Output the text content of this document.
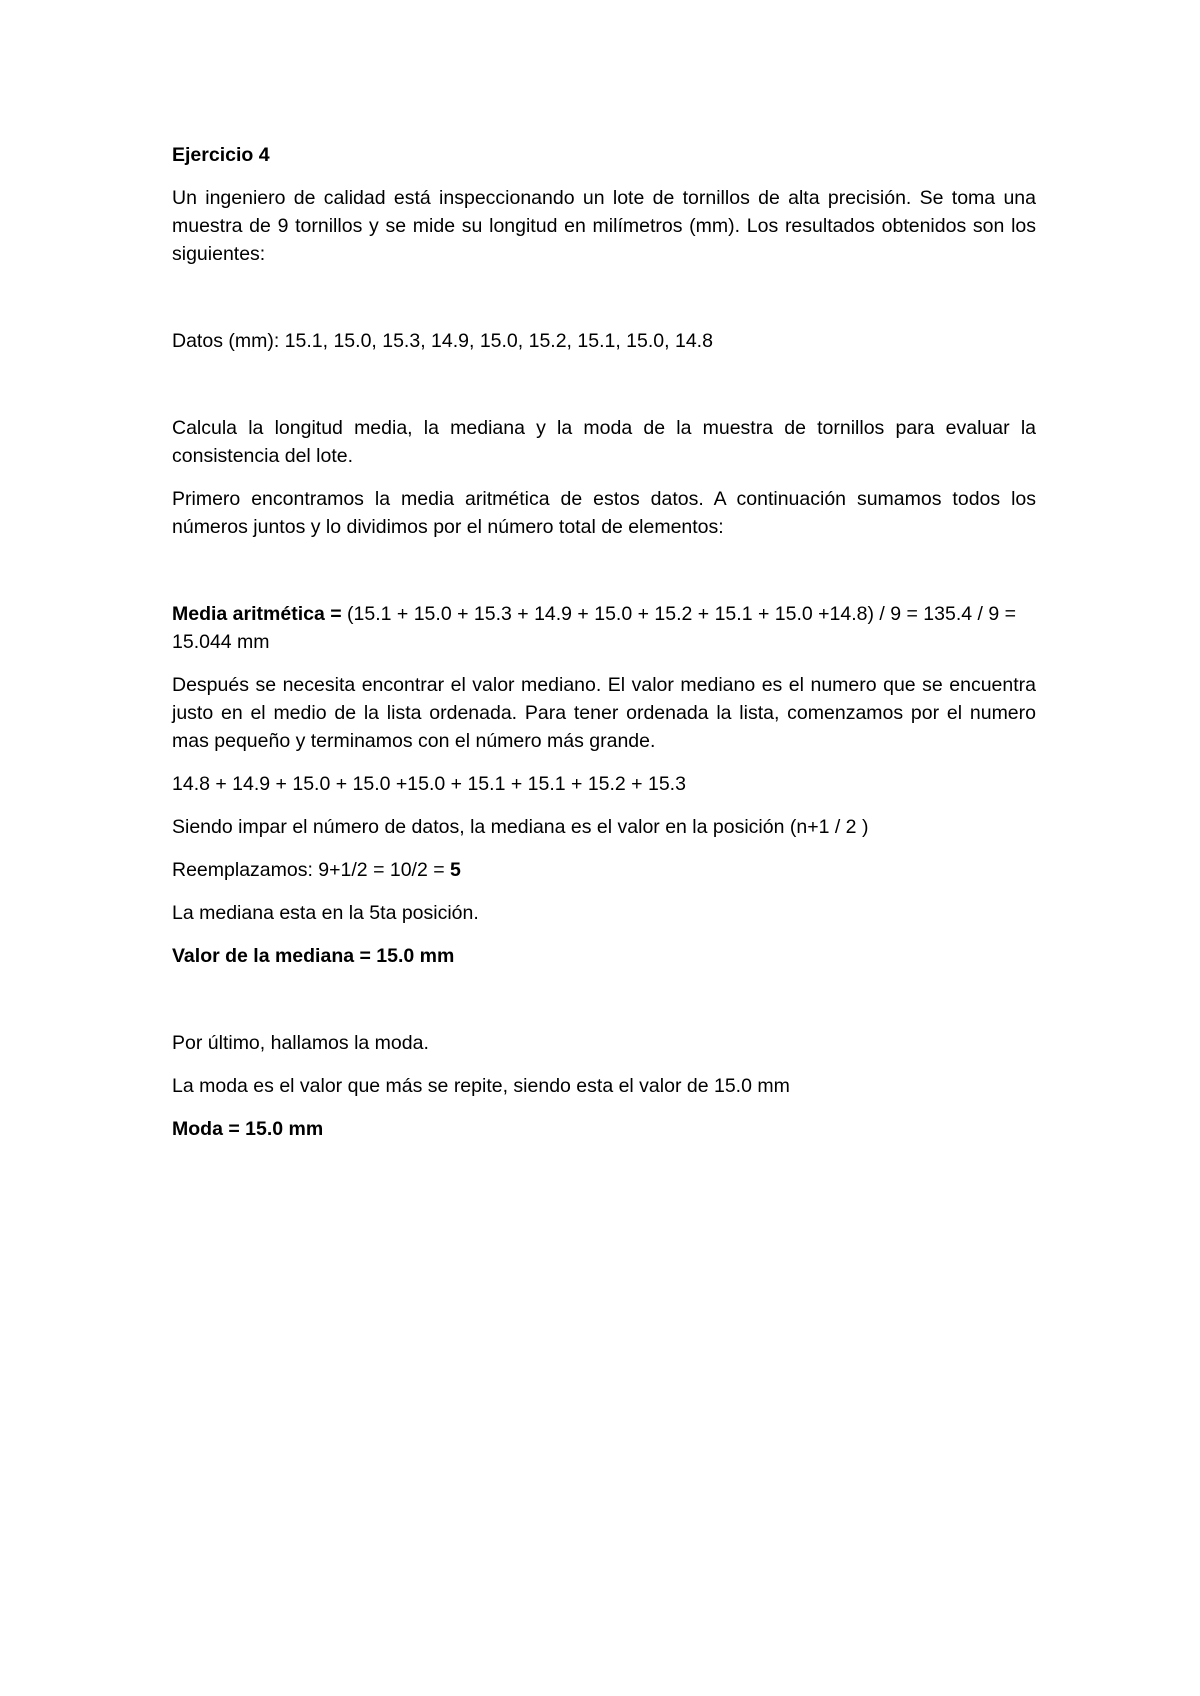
Ejercicio 4

Un ingeniero de calidad está inspeccionando un lote de tornillos de alta precisión. Se toma una muestra de 9 tornillos y se mide su longitud en milímetros (mm). Los resultados obtenidos son los siguientes:

Datos (mm): 15.1, 15.0, 15.3, 14.9, 15.0, 15.2, 15.1, 15.0, 14.8

Calcula la longitud media, la mediana y la moda de la muestra de tornillos para evaluar la consistencia del lote.

Primero encontramos la media aritmética de estos datos. A continuación sumamos todos los números juntos y lo dividimos por el número total de elementos:

Media aritmética = (15.1 + 15.0 + 15.3 + 14.9 + 15.0 + 15.2 + 15.1 + 15.0 +14.8) / 9 = 135.4 / 9 = 15.044 mm

Después se necesita encontrar el valor mediano. El valor mediano es el numero que se encuentra justo en el medio de la lista ordenada. Para tener ordenada la lista, comenzamos por el numero mas pequeño y terminamos con el número más grande.

14.8 + 14.9 + 15.0 + 15.0 +15.0 + 15.1 + 15.1 + 15.2 + 15.3

Siendo impar el número de datos, la mediana es el valor en la posición (n+1 / 2 )

Reemplazamos: 9+1/2 = 10/2 = 5

La mediana esta en la 5ta posición.

Valor de la mediana = 15.0 mm

Por último, hallamos la moda.

La moda es el valor que más se repite, siendo esta el valor de 15.0 mm

Moda = 15.0 mm
